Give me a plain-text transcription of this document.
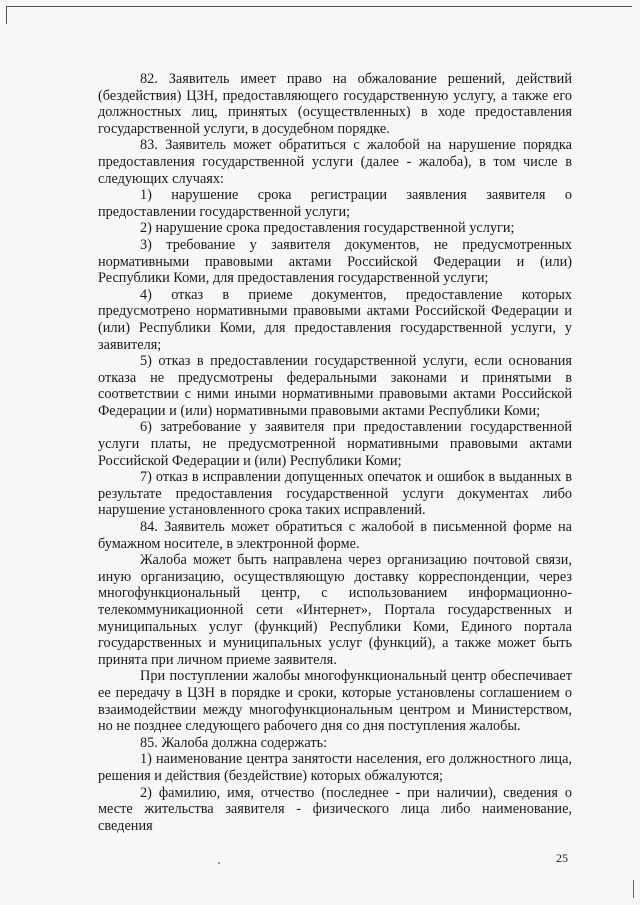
82. Заявитель имеет право на обжалование решений, действий (бездействия) ЦЗН, предоставляющего государственную услугу, а также его должностных лиц, принятых (осуществленных) в ходе предоставления государственной услуги, в досудебном порядке.

83. Заявитель может обратиться с жалобой на нарушение порядка предоставления государственной услуги (далее - жалоба), в том числе в следующих случаях:

1) нарушение срока регистрации заявления заявителя о предоставлении государственной услуги;

2) нарушение срока предоставления государственной услуги;

3) требование у заявителя документов, не предусмотренных нормативными правовыми актами Российской Федерации и (или) Республики Коми, для предоставления государственной услуги;

4) отказ в приеме документов, предоставление которых предусмотрено нормативными правовыми актами Российской Федерации и (или) Республики Коми, для предоставления государственной услуги, у заявителя;

5) отказ в предоставлении государственной услуги, если основания отказа не предусмотрены федеральными законами и принятыми в соответствии с ними иными нормативными правовыми актами Российской Федерации и (или) нормативными правовыми актами Республики Коми;

6) затребование у заявителя при предоставлении государственной услуги платы, не предусмотренной нормативными правовыми актами Российской Федерации и (или) Республики Коми;

7) отказ в исправлении допущенных опечаток и ошибок в выданных в результате предоставления государственной услуги документах либо нарушение установленного срока таких исправлений.

84. Заявитель может обратиться с жалобой в письменной форме на бумажном носителе, в электронной форме.

Жалоба может быть направлена через организацию почтовой связи, иную организацию, осуществляющую доставку корреспонденции, через многофункциональный центр, с использованием информационно-телекоммуникационной сети «Интернет», Портала государственных и муниципальных услуг (функций) Республики Коми, Единого портала государственных и муниципальных услуг (функций), а также может быть принята при личном приеме заявителя.

При поступлении жалобы многофункциональный центр обеспечивает ее передачу в ЦЗН в порядке и сроки, которые установлены соглашением о взаимодействии между многофункциональным центром и Министерством, но не позднее следующего рабочего дня со дня поступления жалобы.

85. Жалоба должна содержать:

1) наименование центра занятости населения, его должностного лица, решения и действия (бездействие) которых обжалуются;

2) фамилию, имя, отчество (последнее - при наличии), сведения о месте жительства заявителя - физического лица либо наименование, сведения

25
